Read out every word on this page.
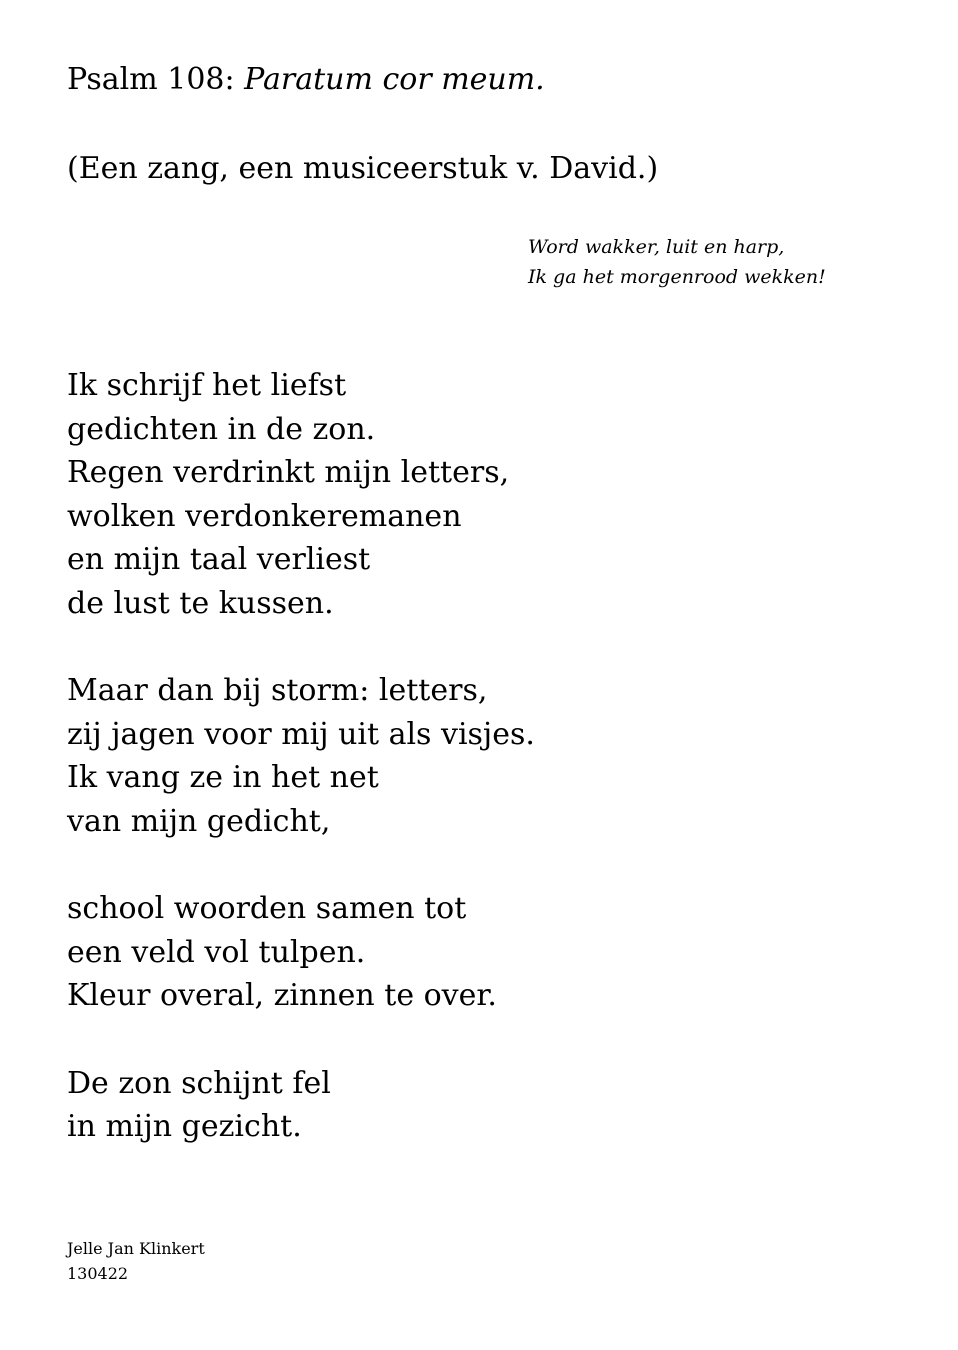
Psalm 108: Paratum cor meum.

(Een zang, een musiceerstuk v. David.)

Word wakker, luit en harp,
Ik ga het morgenrood wekken!
Ik schrijf het liefst
gedichten in de zon.
Regen verdrinkt mijn letters,
wolken verdonkeremanen
en mijn taal verliest
de lust te kussen.
Maar dan bij storm: letters,
zij jagen voor mij uit als visjes.
Ik vang ze in het net
van mijn gedicht,
school woorden samen tot
een veld vol tulpen.
Kleur overal, zinnen te over.
De zon schijnt fel
in mijn gezicht.
Jelle Jan Klinkert
130422
